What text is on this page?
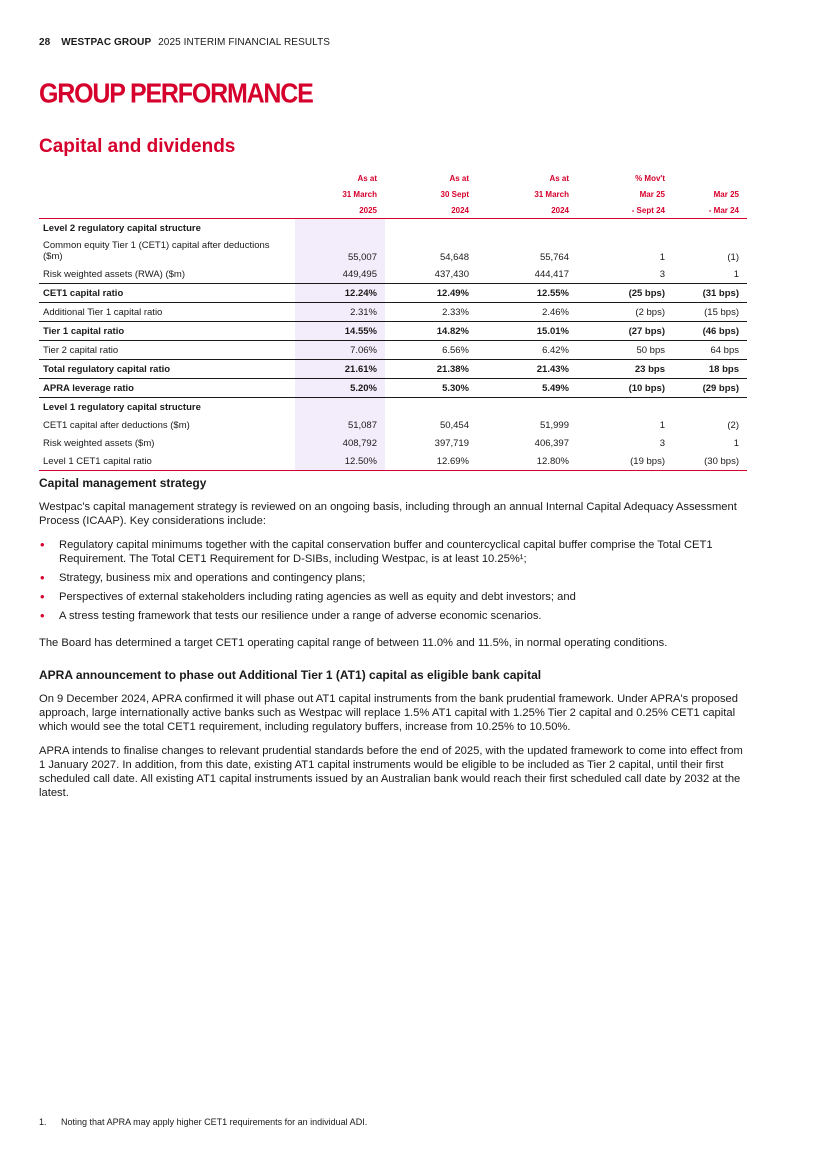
28 WESTPAC GROUP 2025 INTERIM FINANCIAL RESULTS
GROUP PERFORMANCE
Capital and dividends
	As at	As at	As at	% Mov't	
	31 March	30 Sept	31 March	Mar 25	Mar 25
	2025	2024	2024	- Sept 24	- Mar 24
Level 2 regulatory capital structure					
Common equity Tier 1 (CET1) capital after deductions ($m)	55,007	54,648	55,764	1	(1)
Risk weighted assets (RWA) ($m)	449,495	437,430	444,417	3	1
CET1 capital ratio	12.24%	12.49%	12.55%	(25 bps)	(31 bps)
Additional Tier 1 capital ratio	2.31%	2.33%	2.46%	(2 bps)	(15 bps)
Tier 1 capital ratio	14.55%	14.82%	15.01%	(27 bps)	(46 bps)
Tier 2 capital ratio	7.06%	6.56%	6.42%	50 bps	64 bps
Total regulatory capital ratio	21.61%	21.38%	21.43%	23 bps	18 bps
APRA leverage ratio	5.20%	5.30%	5.49%	(10 bps)	(29 bps)
Level 1 regulatory capital structure					
CET1 capital after deductions ($m)	51,087	50,454	51,999	1	(2)
Risk weighted assets ($m)	408,792	397,719	406,397	3	1
Level 1 CET1 capital ratio	12.50%	12.69%	12.80%	(19 bps)	(30 bps)
Capital management strategy

Westpac's capital management strategy is reviewed on an ongoing basis, including through an annual Internal Capital Adequacy Assessment Process (ICAAP). Key considerations include:

• Regulatory capital minimums together with the capital conservation buffer and countercyclical capital buffer comprise the Total CET1 Requirement. The Total CET1 Requirement for D-SIBs, including Westpac, is at least 10.25%¹;
• Strategy, business mix and operations and contingency plans;
• Perspectives of external stakeholders including rating agencies as well as equity and debt investors; and
• A stress testing framework that tests our resilience under a range of adverse economic scenarios.

The Board has determined a target CET1 operating capital range of between 11.0% and 11.5%, in normal operating conditions.

APRA announcement to phase out Additional Tier 1 (AT1) capital as eligible bank capital

On 9 December 2024, APRA confirmed it will phase out AT1 capital instruments from the bank prudential framework. Under APRA's proposed approach, large internationally active banks such as Westpac will replace 1.5% AT1 capital with 1.25% Tier 2 capital and 0.25% CET1 capital which would see the total CET1 requirement, including regulatory buffers, increase from 10.25% to 10.50%.

APRA intends to finalise changes to relevant prudential standards before the end of 2025, with the updated framework to come into effect from 1 January 2027. In addition, from this date, existing AT1 capital instruments would be eligible to be included as Tier 2 capital, until their first scheduled call date. All existing AT1 capital instruments issued by an Australian bank would reach their first scheduled call date by 2032 at the latest.

1. Noting that APRA may apply higher CET1 requirements for an individual ADI.
